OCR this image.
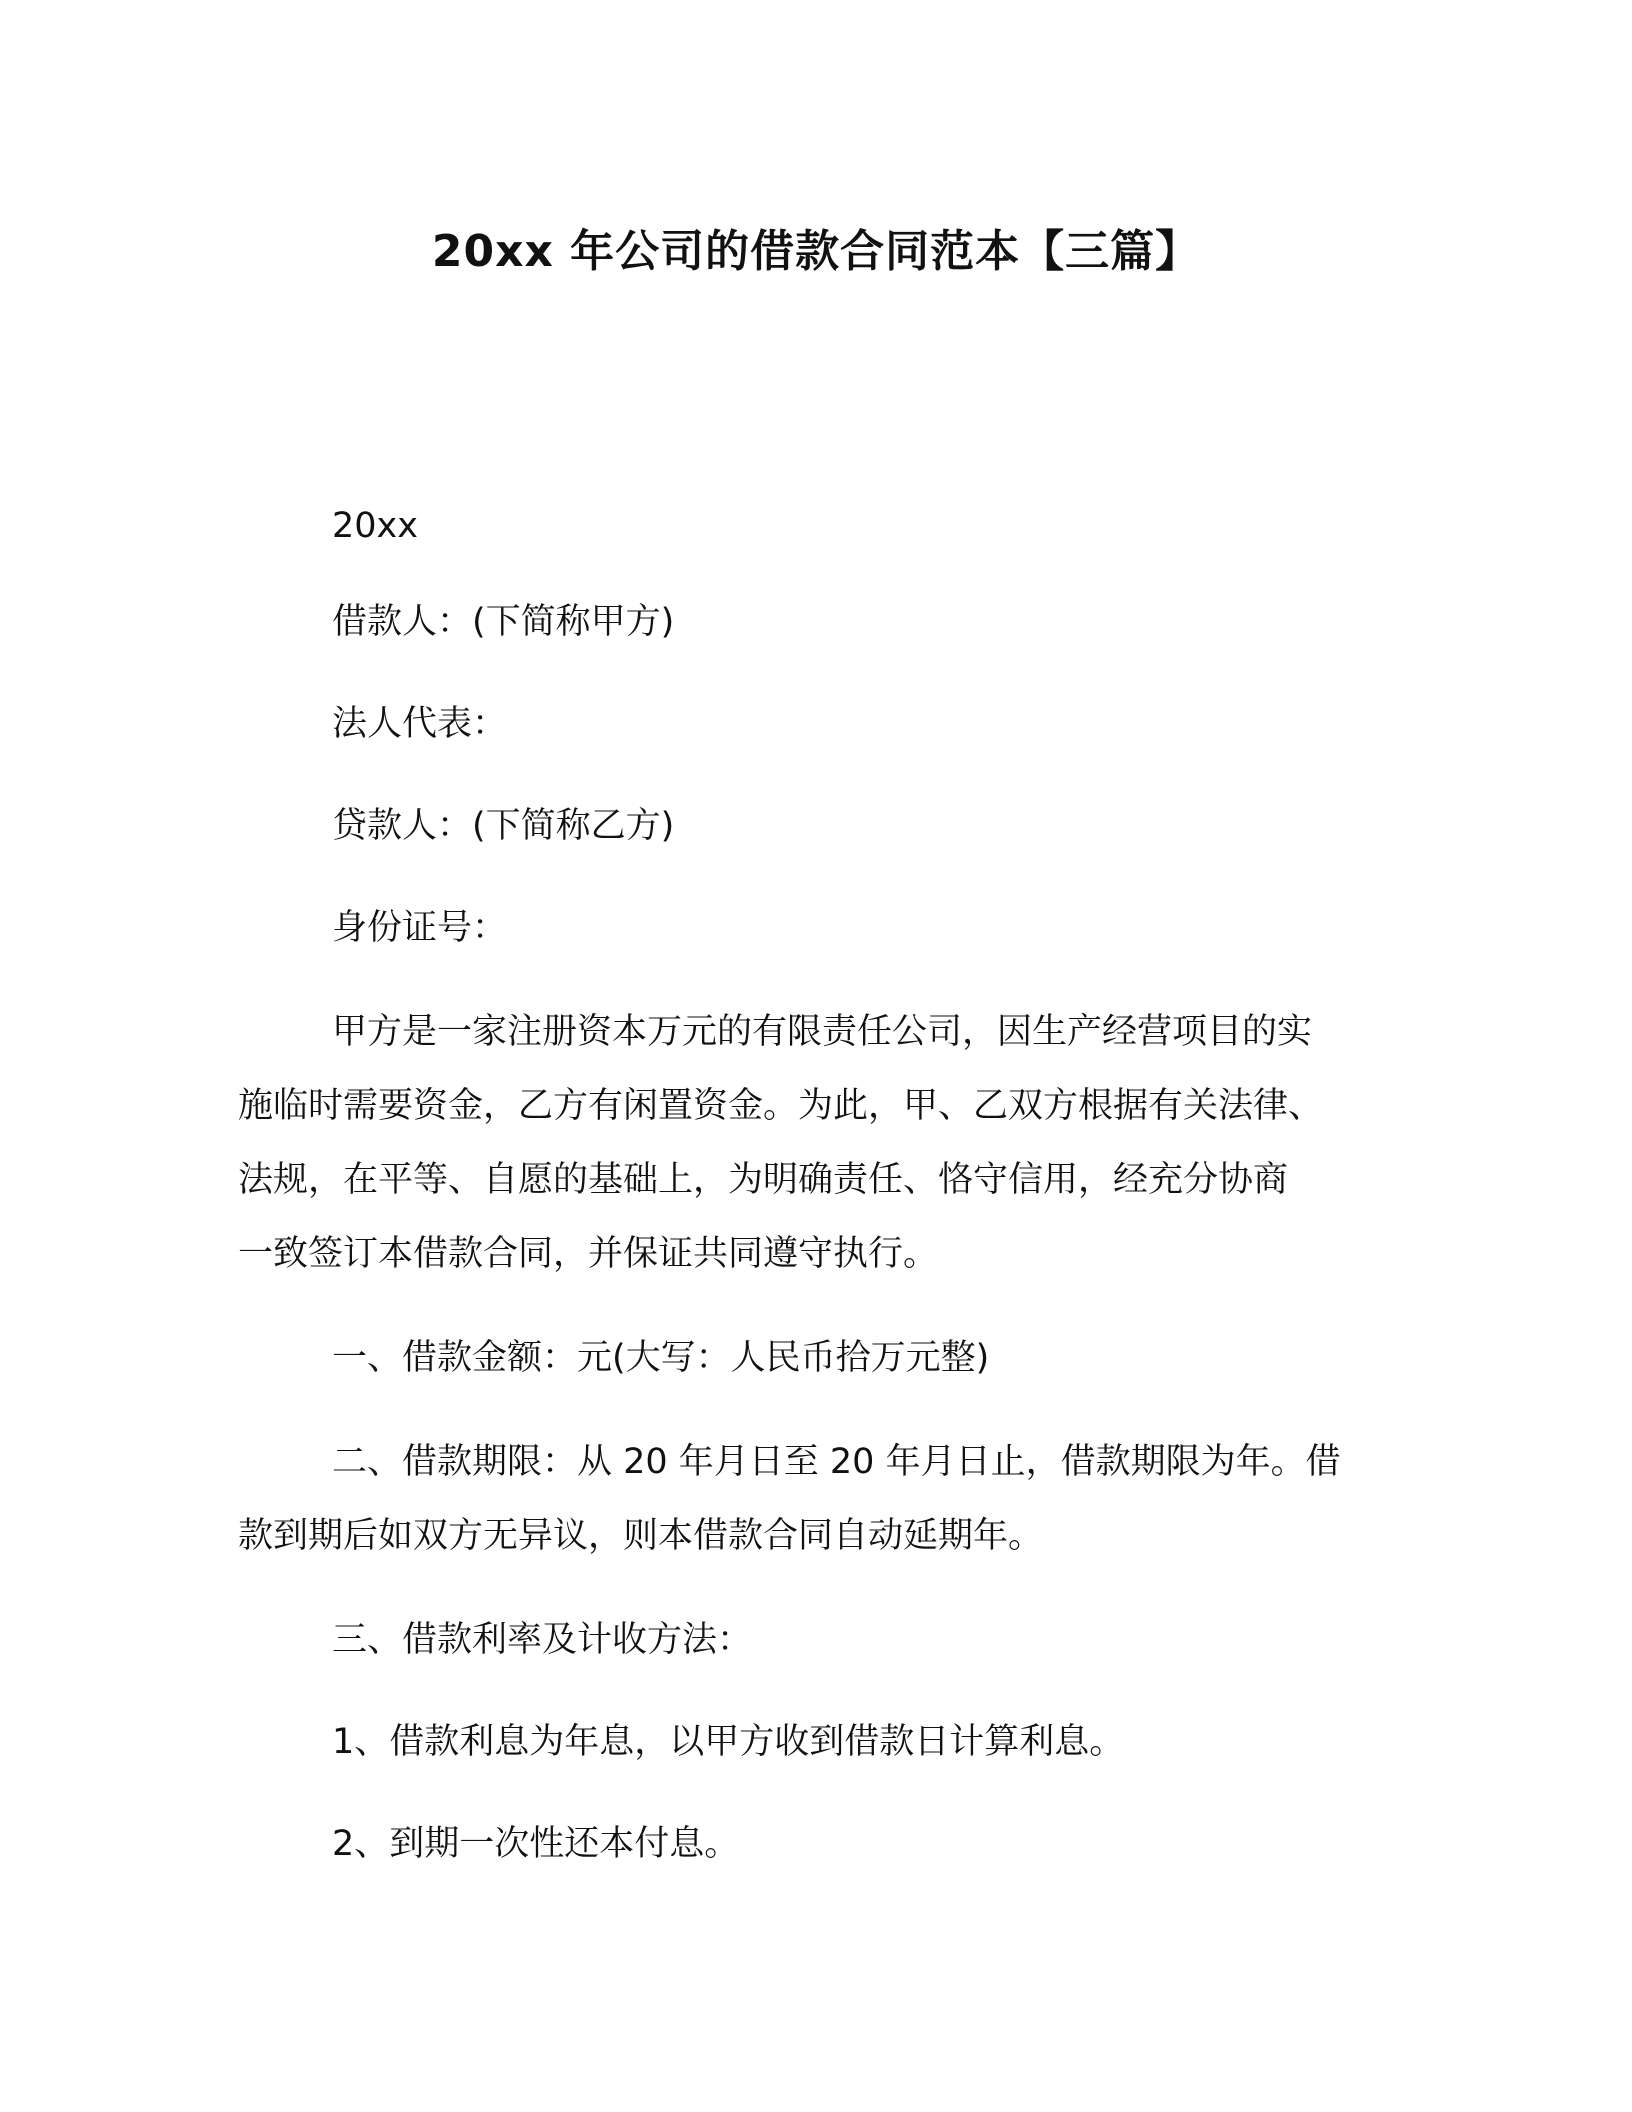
20xx 年公司的借款合同范本【三篇】
20xx
借款人：(下简称甲方)
法人代表：
贷款人：(下简称乙方)
身份证号：
甲方是一家注册资本万元的有限责任公司，因生产经营项目的实
施临时需要资金，乙方有闲置资金。为此，甲、乙双方根据有关法律、
法规，在平等、自愿的基础上，为明确责任、恪守信用，经充分协商
一致签订本借款合同，并保证共同遵守执行。
一、借款金额：元(大写：人民币拾万元整)
二、借款期限：从 20 年月日至 20 年月日止，借款期限为年。借
款到期后如双方无异议，则本借款合同自动延期年。
三、借款利率及计收方法：
1、借款利息为年息，以甲方收到借款日计算利息。
2、到期一次性还本付息。
